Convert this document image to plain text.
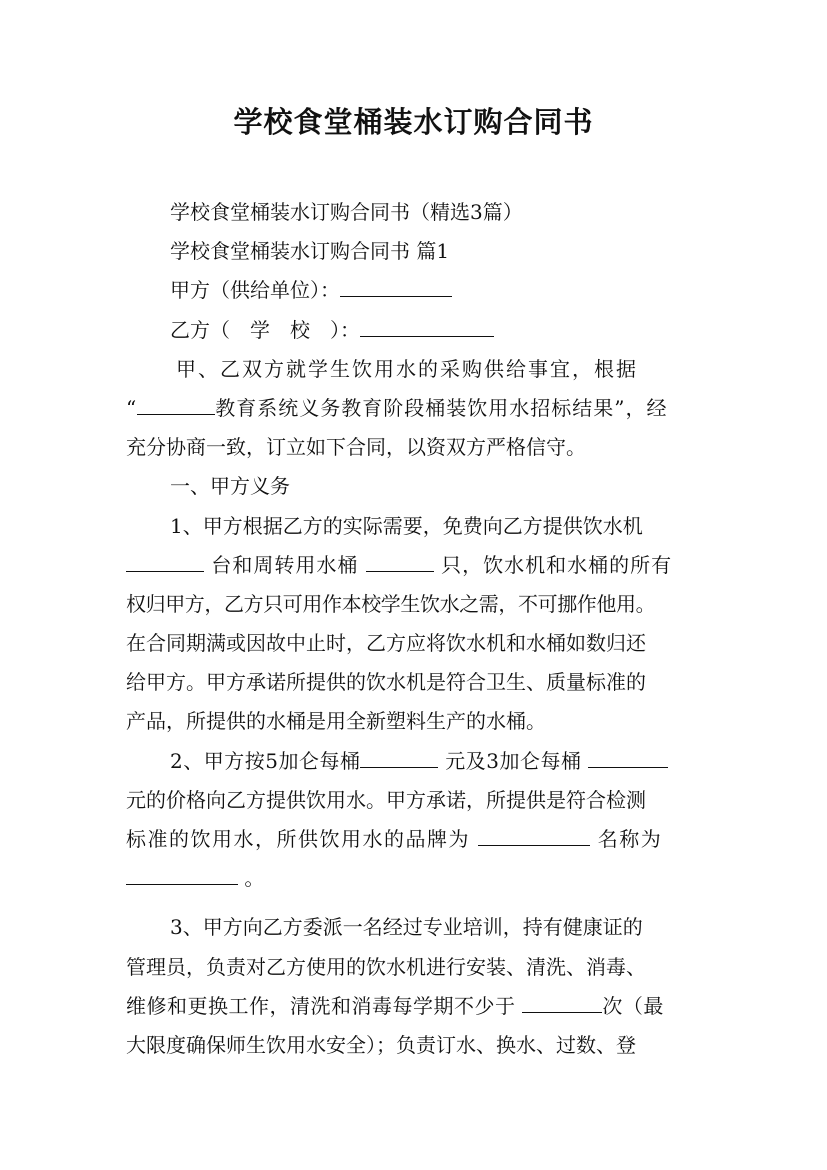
学校食堂桶装水订购合同书
学校食堂桶装水订购合同书（精选3篇）
学校食堂桶装水订购合同书 篇1
甲方（供给单位）：
乙方（　学　校　）：
甲、乙双方就学生饮用水的采购供给事宜，根据
“	教育系统义务教育阶段桶装饮用水招标结果”，经
充分协商一致，订立如下合同，以资双方严格信守。
一、甲方义务
1、甲方根据乙方的实际需要，免费向乙方提供饮水机
台和周转用水桶	只，饮水机和水桶的所有
权归甲方，乙方只可用作本校学生饮水之需，不可挪作他用。
在合同期满或因故中止时，乙方应将饮水机和水桶如数归还
给甲方。甲方承诺所提供的饮水机是符合卫生、质量标准的
产品，所提供的水桶是用全新塑料生产的水桶。
2、甲方按5加仑每桶	元及3加仑每桶
元的价格向乙方提供饮用水。甲方承诺，所提供是符合检测
标准的饮用水，所供饮用水的品牌为	名称为
。
3、甲方向乙方委派一名经过专业培训，持有健康证的
管理员，负责对乙方使用的饮水机进行安装、清洗、消毒、
维修和更换工作，清洗和消毒每学期不少于	次（最
大限度确保师生饮用水安全）；负责订水、换水、过数、登
